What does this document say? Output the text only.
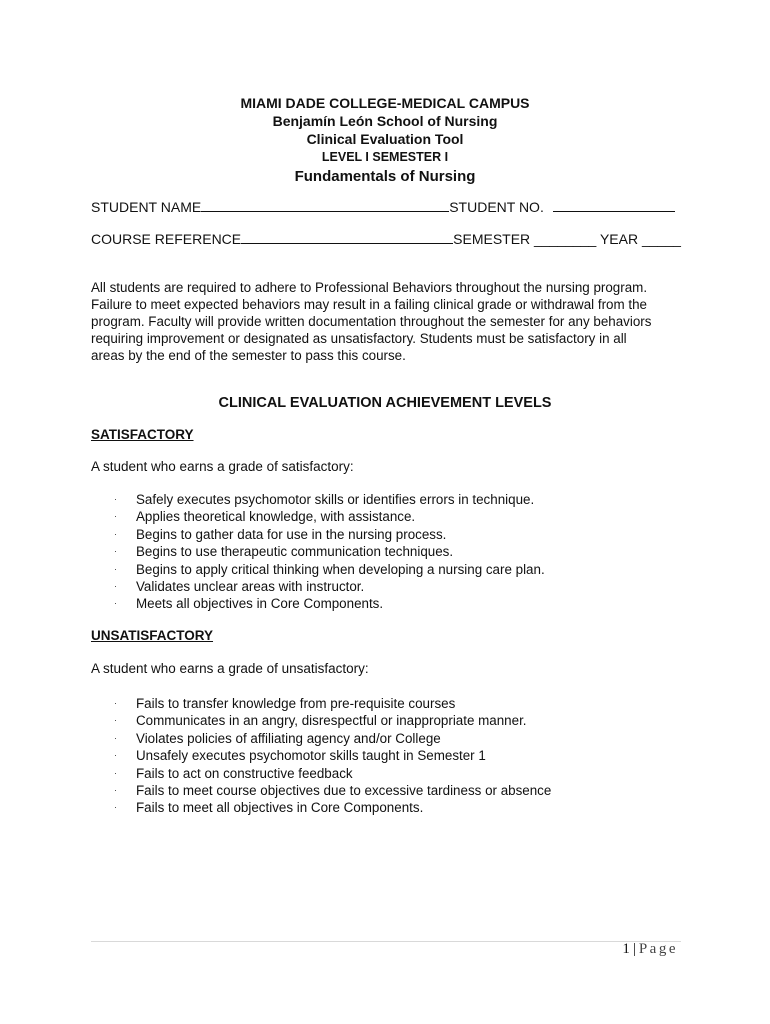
MIAMI DADE COLLEGE-MEDICAL CAMPUS
Benjamín León School of Nursing
Clinical Evaluation Tool
LEVEL I SEMESTER I
Fundamentals of Nursing
STUDENT NAME	STUDENT NO.
COURSE REFERENCE	SEMESTER ________ YEAR _____
All students are required to adhere to Professional Behaviors throughout the nursing program.
Failure to meet expected behaviors may result in a failing clinical grade or withdrawal from the
program. Faculty will provide written documentation throughout the semester for any behaviors
requiring improvement or designated as unsatisfactory. Students must be satisfactory in all
areas by the end of the semester to pass this course.
CLINICAL EVALUATION ACHIEVEMENT LEVELS
SATISFACTORY
A student who earns a grade of satisfactory:
· Safely executes psychomotor skills or identifies errors in technique.
· Applies theoretical knowledge, with assistance.
· Begins to gather data for use in the nursing process.
· Begins to use therapeutic communication techniques.
· Begins to apply critical thinking when developing a nursing care plan.
· Validates unclear areas with instructor.
· Meets all objectives in Core Components.
UNSATISFACTORY
A student who earns a grade of unsatisfactory:
· Fails to transfer knowledge from pre-requisite courses
· Communicates in an angry, disrespectful or inappropriate manner.
· Violates policies of affiliating agency and/or College
· Unsafely executes psychomotor skills taught in Semester 1
· Fails to act on constructive feedback
· Fails to meet course objectives due to excessive tardiness or absence
· Fails to meet all objectives in Core Components.
1 | Page
